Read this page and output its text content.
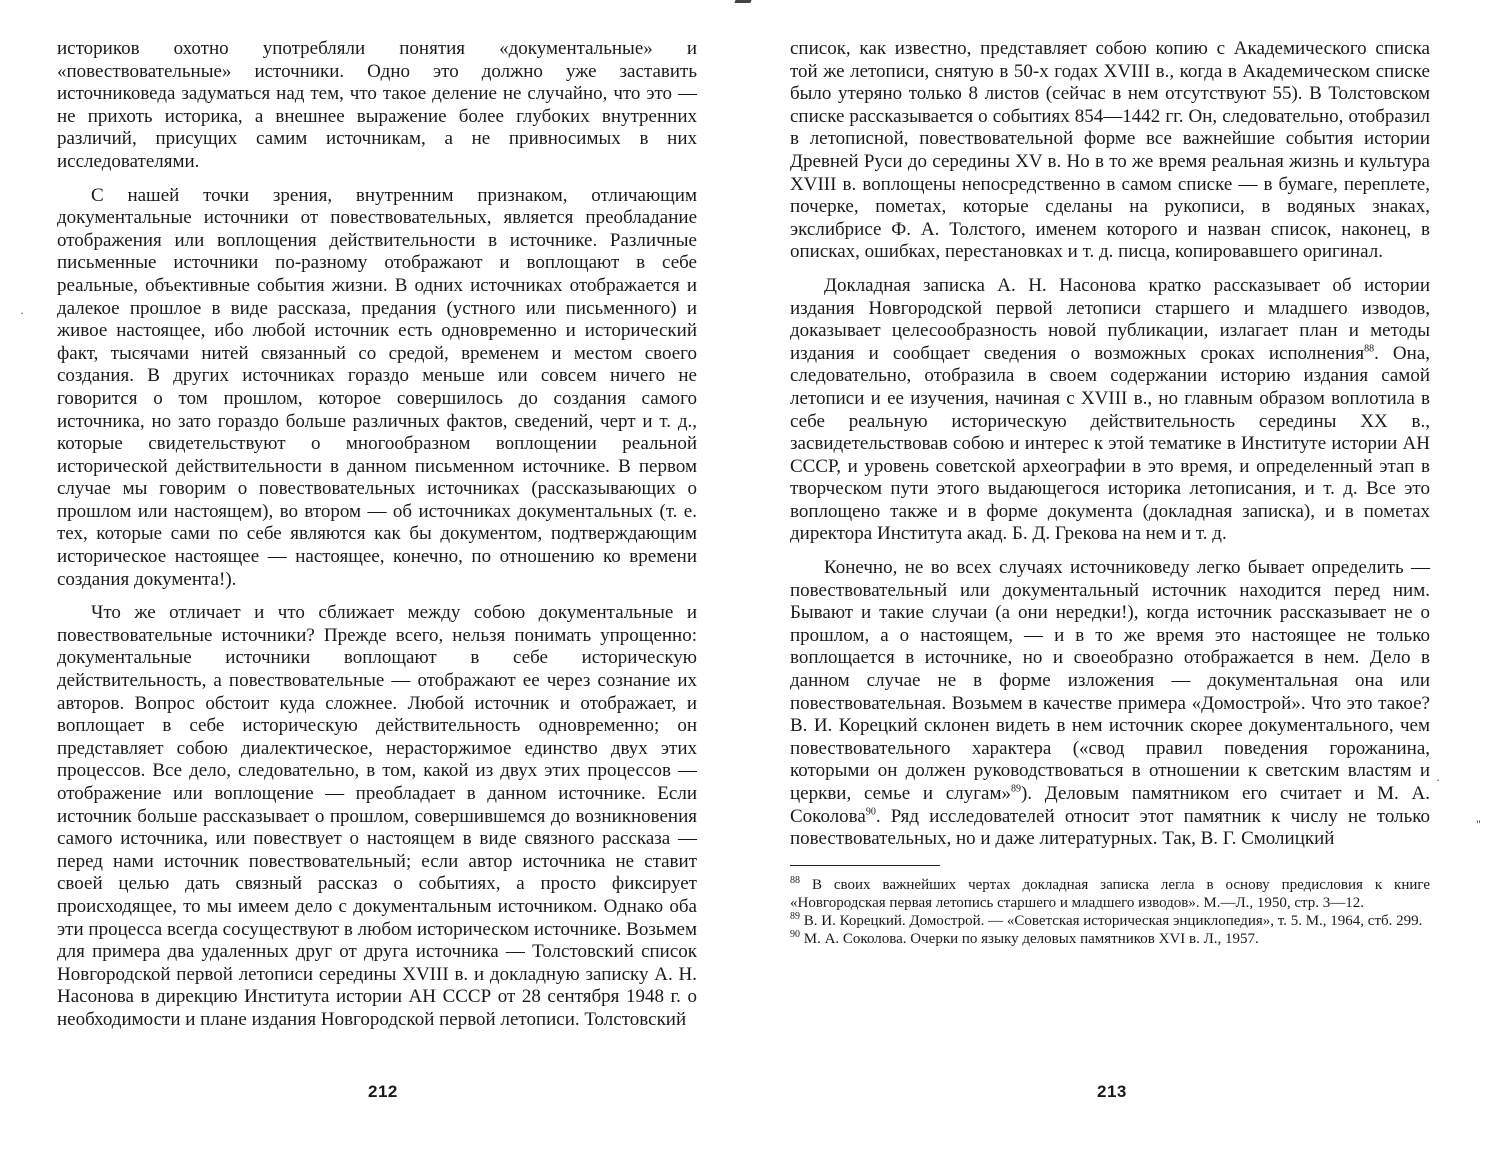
·
"
·

историков охотно употребляли понятия «документальные» и «повествовательные» источники. Одно это должно уже заставить источниковеда задуматься над тем, что такое деление не случайно, что это — не прихоть историка, а внешнее выражение более глубоких внутренних различий, присущих самим источникам, а не привносимых в них исследователями.

С нашей точки зрения, внутренним признаком, отличающим документальные источники от повествовательных, является преобладание отображения или воплощения действительности в источнике. Различные письменные источники по-разному отображают и воплощают в себе реальные, объективные события жизни. В одних источниках отображается и далекое прошлое в виде рассказа, предания (устного или письменного) и живое настоящее, ибо любой источник есть одновременно и исторический факт, тысячами нитей связанный со средой, временем и местом своего создания. В других источниках гораздо меньше или совсем ничего не говорится о том прошлом, которое совершилось до создания самого источника, но зато гораздо больше различных фактов, сведений, черт и т. д., которые свидетельствуют о многообразном воплощении реальной исторической действительности в данном письменном источнике. В первом случае мы говорим о повествовательных источниках (рассказывающих о прошлом или настоящем), во втором — об источниках документальных (т. е. тех, которые сами по себе являются как бы документом, подтверждающим историческое настоящее — настоящее, конечно, по отношению ко времени создания документа!).

Что же отличает и что сближает между собою документальные и повествовательные источники? Прежде всего, нельзя понимать упрощенно: документальные источники воплощают в себе историческую действительность, а повествовательные — отображают ее через сознание их авторов. Вопрос обстоит куда сложнее. Любой источник и отображает, и воплощает в себе историческую действительность одновременно; он представляет собою диалектическое, нерасторжимое единство двух этих процессов. Все дело, следовательно, в том, какой из двух этих процессов — отображение или воплощение — преобладает в данном источнике. Если источник больше рассказывает о прошлом, совершившемся до возникновения самого источника, или повествует о настоящем в виде связного рассказа — перед нами источник повествовательный; если автор источника не ставит своей целью дать связный рассказ о событиях, а просто фиксирует происходящее, то мы имеем дело с документальным источником. Однако оба эти процесса всегда сосуществуют в любом историческом источнике. Возьмем для примера два удаленных друг от друга источника — Толстовский список Новгородской первой летописи середины XVIII в. и докладную записку А. Н. Насонова в дирекцию Института истории АН СССР от 28 сентября 1948 г. о необходимости и плане издания Новгородской первой летописи. Толстовский

212

список, как известно, представляет собою копию с Академического списка той же летописи, снятую в 50-х годах XVIII в., когда в Академическом списке было утеряно только 8 листов (сейчас в нем отсутствуют 55). В Толстовском списке рассказывается о событиях 854—1442 гг. Он, следовательно, отобразил в летописной, повествовательной форме все важнейшие события истории Древней Руси до середины XV в. Но в то же время реальная жизнь и культура XVIII в. воплощены непосредственно в самом списке — в бумаге, переплете, почерке, пометах, которые сделаны на рукописи, в водяных знаках, экслибрисе Ф. А. Толстого, именем которого и назван список, наконец, в описках, ошибках, перестановках и т. д. писца, копировавшего оригинал.

Докладная записка А. Н. Насонова кратко рассказывает об истории издания Новгородской первой летописи старшего и младшего изводов, доказывает целесообразность новой публикации, излагает план и методы издания и сообщает сведения о возможных сроках исполнения$^{88}$. Она, следовательно, отобразила в своем содержании историю издания самой летописи и ее изучения, начиная с XVIII в., но главным образом воплотила в себе реальную историческую действительность середины XX в., засвидетельствовав собою и интерес к этой тематике в Институте истории АН СССР, и уровень советской археографии в это время, и определенный этап в творческом пути этого выдающегося историка летописания, и т. д. Все это воплощено также и в форме документа (докладная записка), и в пометах директора Института акад. Б. Д. Грекова на нем и т. д.

Конечно, не во всех случаях источниковеду легко бывает определить — повествовательный или документальный источник находится перед ним. Бывают и такие случаи (а они нередки!), когда источник рассказывает не о прошлом, а о настоящем, — и в то же время это настоящее не только воплощается в источнике, но и своеобразно отображается в нем. Дело в данном случае не в форме изложения — документальная она или повествовательная. Возьмем в качестве примера «Домострой». Что это такое? В. И. Корецкий склонен видеть в нем источник скорее документального, чем повествовательного характера («свод правил поведения горожанина, которыми он должен руководствоваться в отношении к светским властям и церкви, семье и слугам»$^{89}$). Деловым памятником его считает и М. А. Соколова$^{90}$. Ряд исследователей относит этот памятник к числу не только повествовательных, но и даже литературных. Так, В. Г. Смолицкий

$^{88}$ В своих важнейших чертах докладная записка легла в основу предисловия к книге «Новгородская первая летопись старшего и младшего изводов». М.—Л., 1950, стр. 3—12.

$^{89}$ В. И. Корецкий. Домострой. — «Советская историческая энциклопедия», т. 5. М., 1964, стб. 299.

$^{90}$ М. А. Соколова. Очерки по языку деловых памятников XVI в. Л., 1957.

213
